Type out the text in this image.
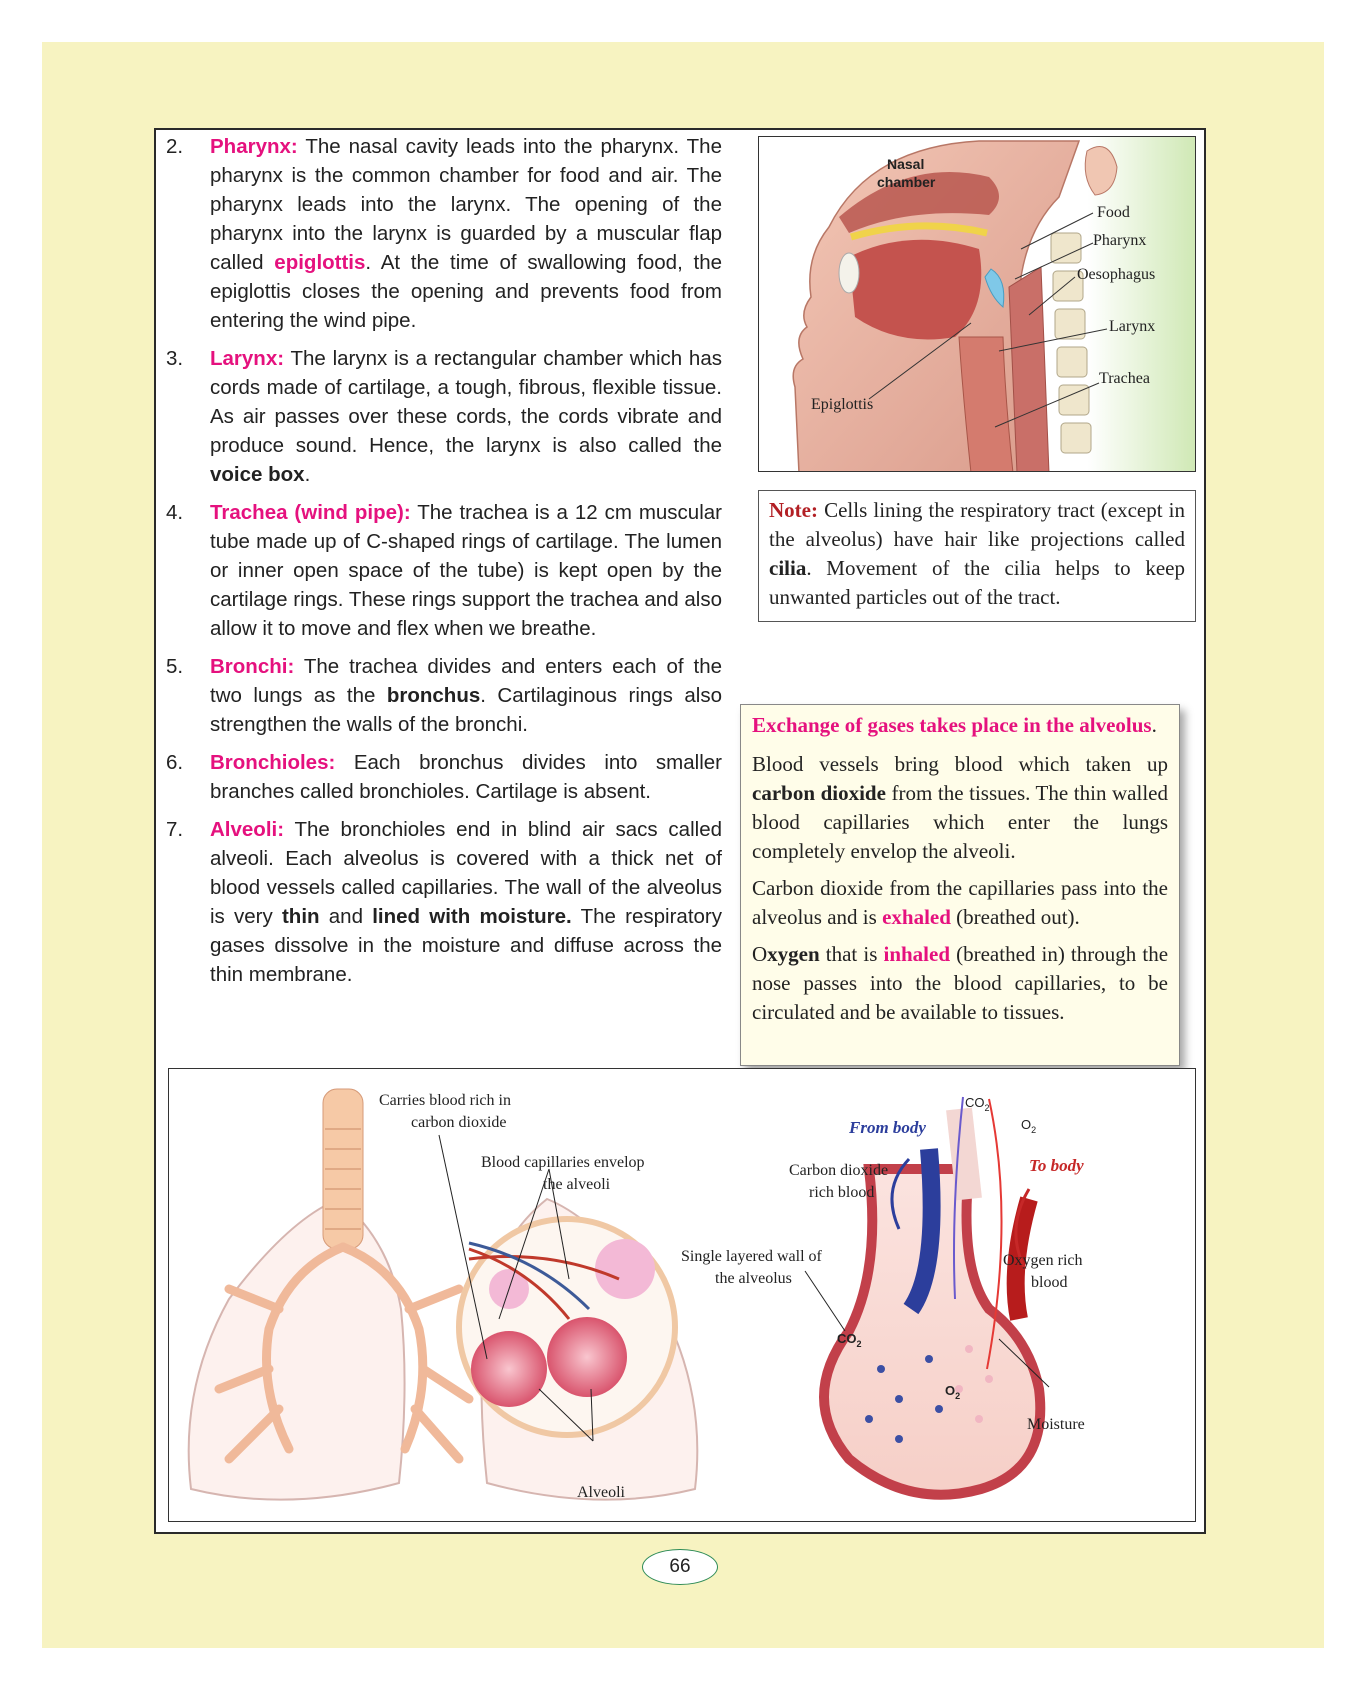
2.	Pharynx: The nasal cavity leads into the pharynx. The pharynx is the common chamber for food and air. The pharynx leads into the larynx. The opening of the pharynx into the larynx is guarded by a muscular flap called epiglottis. At the time of swallowing food, the epiglottis closes the opening and prevents food from entering the wind pipe.
3.	Larynx: The larynx is a rectangular chamber which has cords made of cartilage, a tough, fibrous, flexible tissue. As air passes over these cords, the cords vibrate and produce sound. Hence, the larynx is also called the voice box.
4.	Trachea (wind pipe): The trachea is a 12 cm muscular tube made up of C-shaped rings of cartilage. The lumen or inner open space of the tube) is kept open by the cartilage rings. These rings support the trachea and also allow it to move and flex when we breathe.
5.	Bronchi: The trachea divides and enters each of the two lungs as the bronchus. Cartilaginous rings also strengthen the walls of the bronchi.
6.	Bronchioles: Each bronchus divides into smaller branches called bronchioles. Cartilage is absent.
7.	Alveoli: The bronchioles end in blind air sacs called alveoli. Each alveolus is covered with a thick net of blood vessels called capillaries. The wall of the alveolus is very thin and lined with moisture. The respiratory gases dissolve in the moisture and diffuse across the thin membrane.
Nasal
chamber
Food
Pharynx
Oesophagus
Larynx
Trachea
Epiglottis
Note: Cells lining the respiratory tract (except in the alveolus) have hair like projections called cilia. Movement of the cilia helps to keep unwanted particles out of the tract.

Exchange of gases takes place in the alveolus.

Blood vessels bring blood which taken up carbon dioxide from the tissues. The thin walled blood capillaries which enter the lungs completely envelop the alveoli.

Carbon dioxide from the capillaries pass into the alveolus and is exhaled (breathed out).

Oxygen that is inhaled (breathed in) through the nose passes into the blood capillaries, to be circulated and be available to tissues.

Carries blood rich in
carbon dioxide
Blood capillaries envelop
the alveoli
Alveoli
$CO_2$
$O_2$
From body
To body
Carbon dioxide
rich blood
Single layered wall of
the alveolus
Oxygen rich
blood
$CO_2$
$O_2$
Moisture
66
